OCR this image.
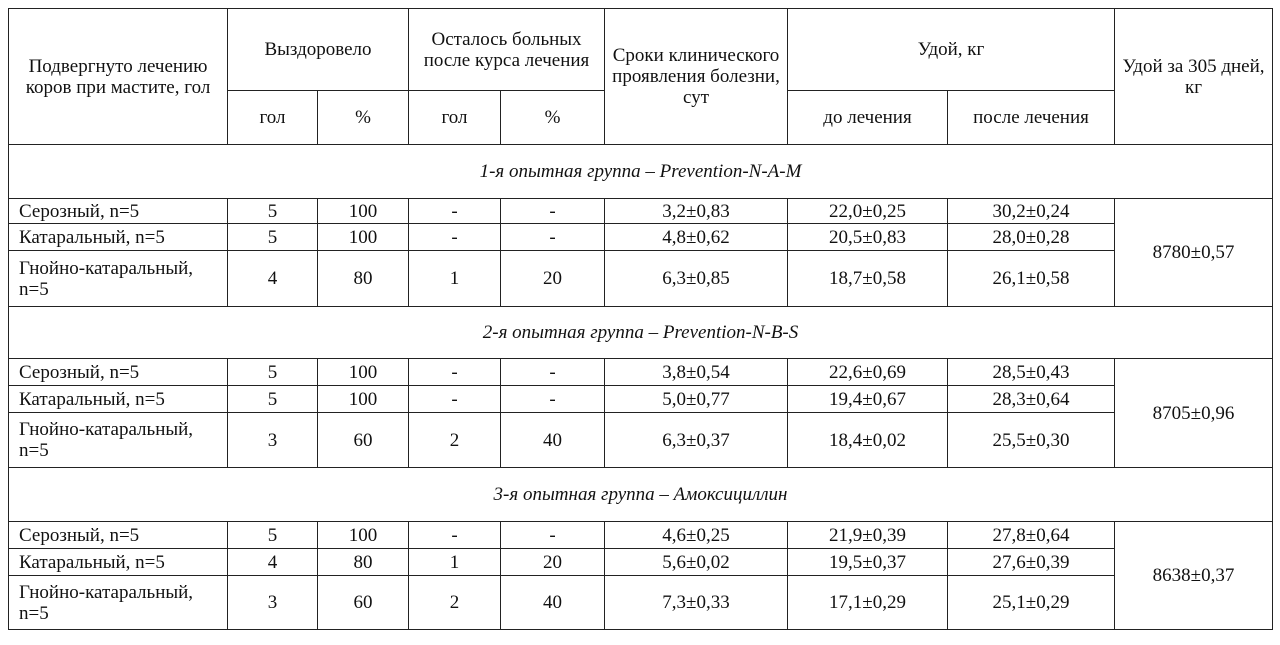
Подвергнуто лечению коров при мастите, гол	Выздоровело		Осталось больных после курса лечения		Сроки клинического проявления болезни, сут	Удой, кг		Удой за 305 дней, кг
	гол	%	гол	%		до лечения	после лечения	
1-я опытная группа – Prevention-N-A-M								
Серозный, n=5	5	100	-	-	3,2±0,83	22,0±0,25	30,2±0,24	8780±0,57
Катаральный, n=5	5	100	-	-	4,8±0,62	20,5±0,83	28,0±0,28	
Гнойно-катаральный, n=5	4	80	1	20	6,3±0,85	18,7±0,58	26,1±0,58	
2-я опытная группа – Prevention-N-B-S								
Серозный, n=5	5	100	-	-	3,8±0,54	22,6±0,69	28,5±0,43	8705±0,96
Катаральный, n=5	5	100	-	-	5,0±0,77	19,4±0,67	28,3±0,64	
Гнойно-катаральный, n=5	3	60	2	40	6,3±0,37	18,4±0,02	25,5±0,30	
3-я опытная группа – Амоксициллин								
Серозный, n=5	5	100	-	-	4,6±0,25	21,9±0,39	27,8±0,64	8638±0,37
Катаральный, n=5	4	80	1	20	5,6±0,02	19,5±0,37	27,6±0,39	
Гнойно-катаральный, n=5	3	60	2	40	7,3±0,33	17,1±0,29	25,1±0,29	
